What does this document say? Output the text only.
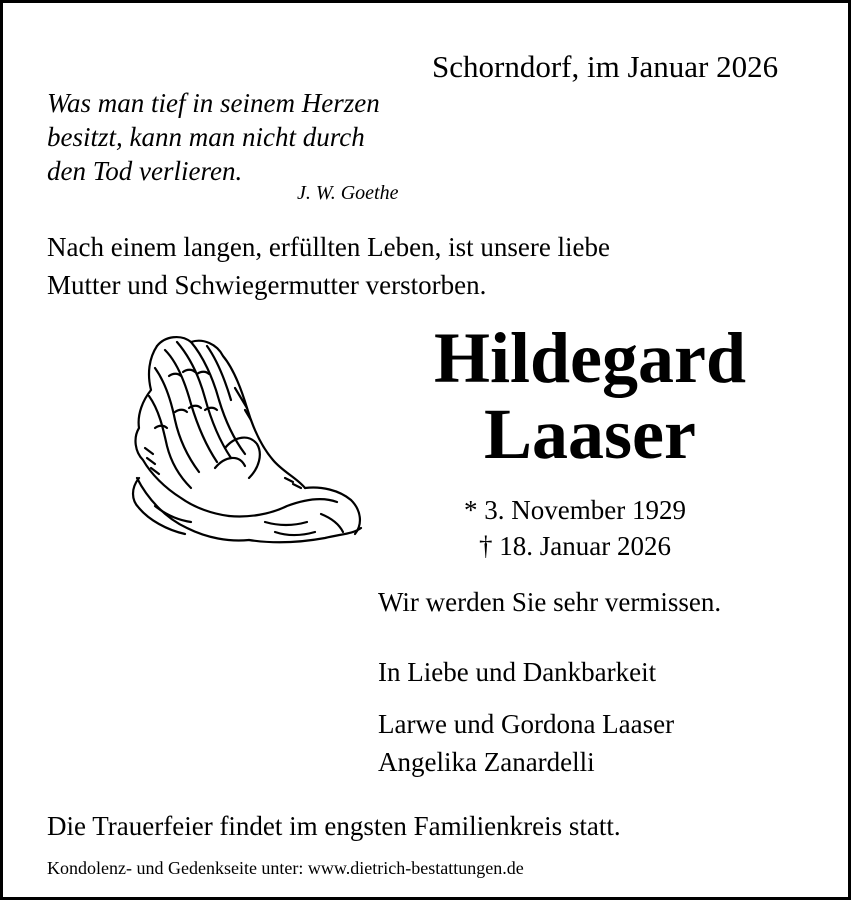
Schorndorf, im Januar 2026
Was man tief in seinem Herzen
besitzt, kann man nicht durch
den Tod verlieren.
J. W. Goethe
Nach einem langen, erfüllten Leben, ist unsere liebe
Mutter und Schwiegermutter verstorben.
Hildegard
Laaser
* 3. November 1929
† 18. Januar 2026
Wir werden Sie sehr vermissen.
In Liebe und Dankbarkeit
Larwe und Gordona Laaser
Angelika Zanardelli
Die Trauerfeier findet im engsten Familienkreis statt.
Kondolenz- und Gedenkseite unter: www.dietrich-bestattungen.de
